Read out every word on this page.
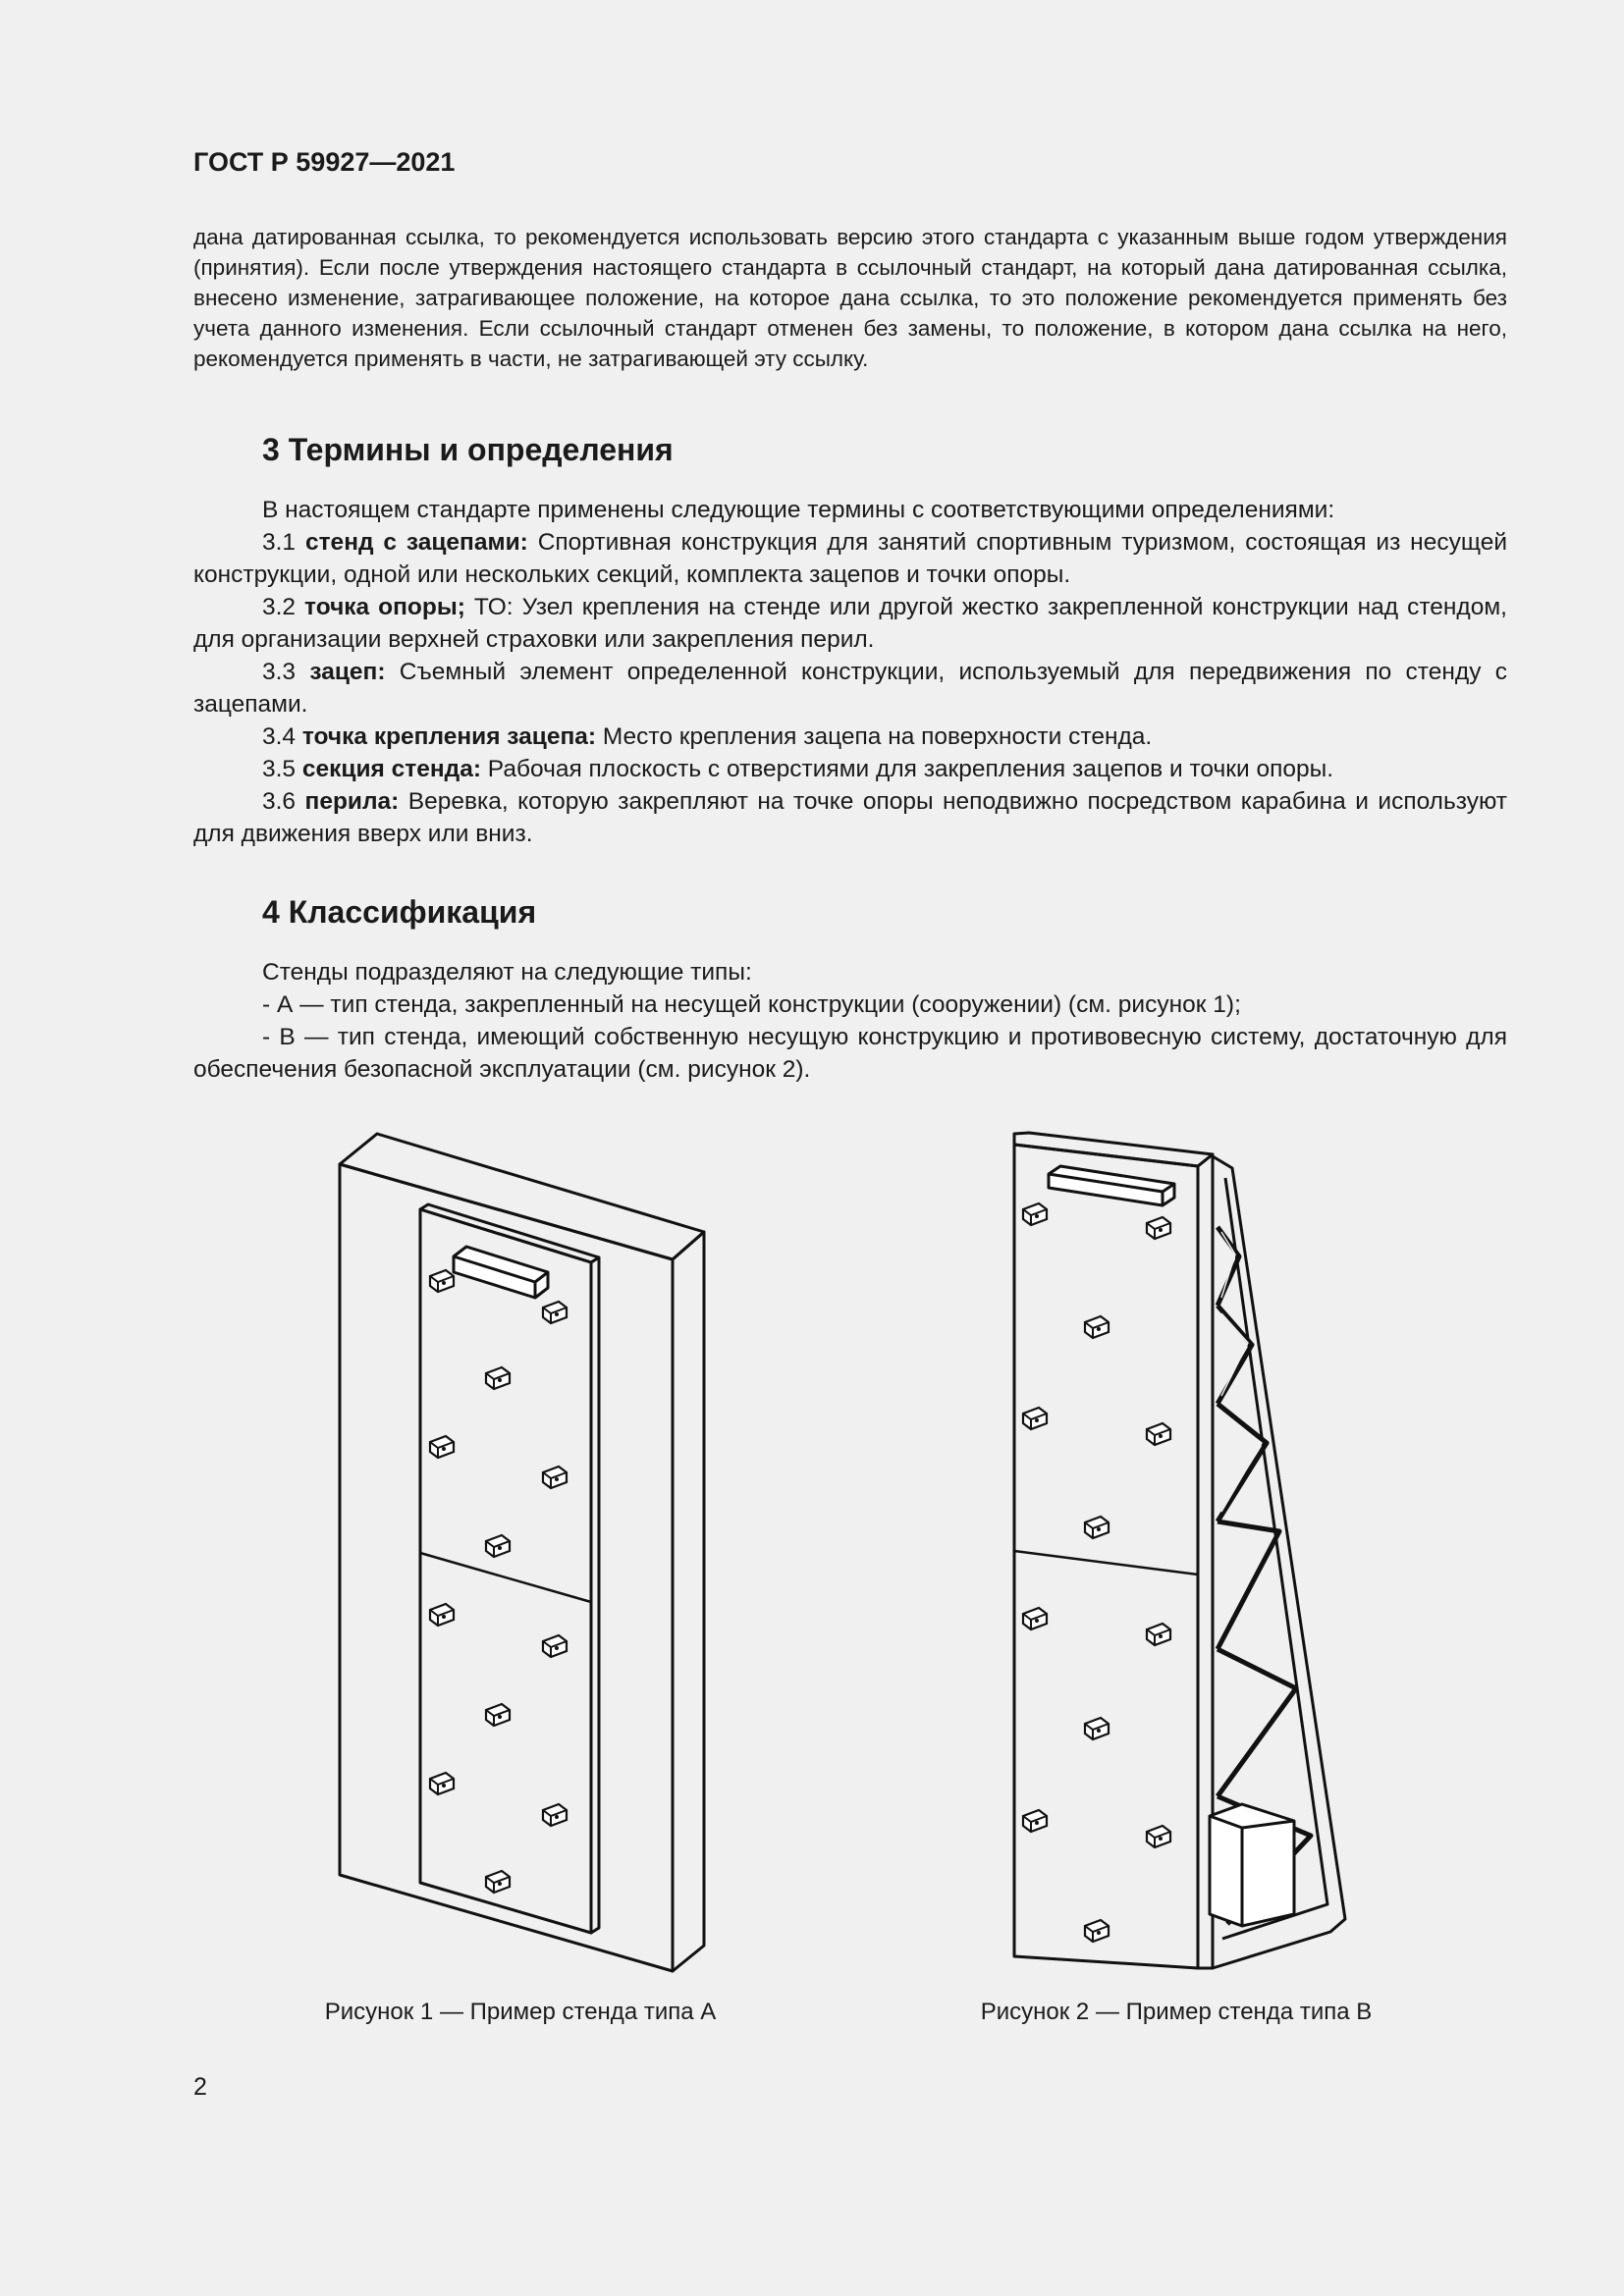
ГОСТ Р 59927—2021

дана датированная ссылка, то рекомендуется использовать версию этого стандарта с указанным выше годом утверждения (принятия). Если после утверждения настоящего стандарта в ссылочный стандарт, на который дана датированная ссылка, внесено изменение, затрагивающее положение, на которое дана ссылка, то это положение рекомендуется применять без учета данного изменения. Если ссылочный стандарт отменен без замены, то положение, в котором дана ссылка на него, рекомендуется применять в части, не затрагивающей эту ссылку.

3 Термины и определения

В настоящем стандарте применены следующие термины с соответствующими определениями:

3.1 стенд с зацепами: Спортивная конструкция для занятий спортивным туризмом, состоящая из несущей конструкции, одной или нескольких секций, комплекта зацепов и точки опоры.

3.2 точка опоры; ТО: Узел крепления на стенде или другой жестко закрепленной конструкции над стендом, для организации верхней страховки или закрепления перил.

3.3 зацеп: Съемный элемент определенной конструкции, используемый для передвижения по стенду с зацепами.

3.4 точка крепления зацепа: Место крепления зацепа на поверхности стенда.

3.5 секция стенда: Рабочая плоскость с отверстиями для закрепления зацепов и точки опоры.

3.6 перила: Веревка, которую закрепляют на точке опоры неподвижно посредством карабина и используют для движения вверх или вниз.

4 Классификация

Стенды подразделяют на следующие типы:

- А — тип стенда, закрепленный на несущей конструкции (сооружении) (см. рисунок 1);

- В — тип стенда, имеющий собственную несущую конструкцию и противовесную систему, достаточную для обеспечения безопасной эксплуатации (см. рисунок 2).

Рисунок 1 — Пример стенда типа А	Рисунок 2 — Пример стенда типа В
2
